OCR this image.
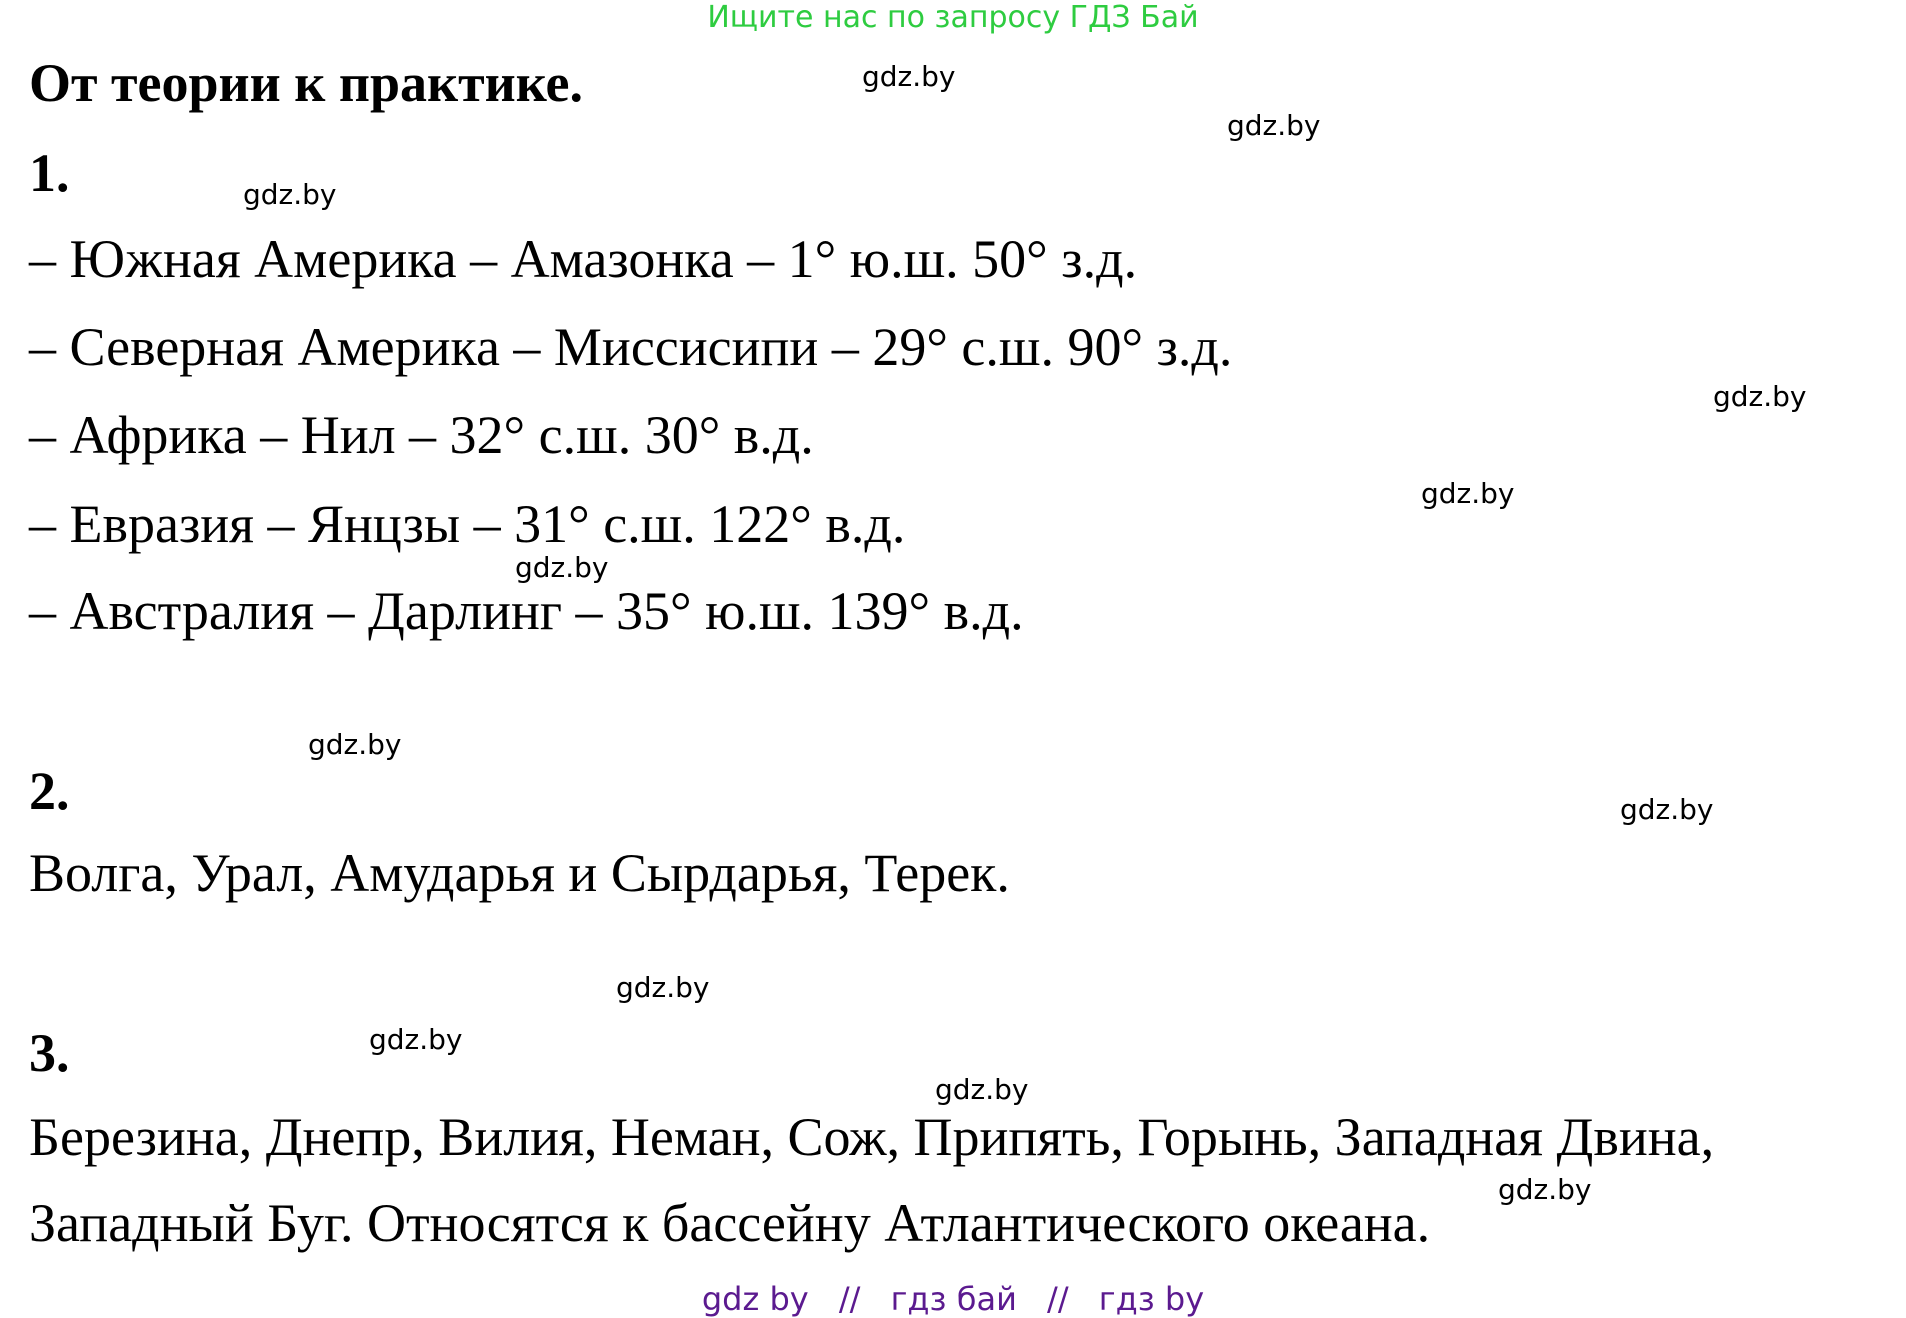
Ищите нас по запросу ГДЗ Бай
От теории к практике.
1.
– Южная Америка – Амазонка – 1° ю.ш. 50° з.д.
– Северная Америка – Миссисипи – 29° с.ш. 90° з.д.
– Африка – Нил – 32° с.ш. 30° в.д.
– Евразия – Янцзы – 31° с.ш. 122° в.д.
– Австралия – Дарлинг – 35° ю.ш. 139° в.д.
2.
Волга, Урал, Амударья и Сырдарья, Терек.
3.
Березина, Днепр, Вилия, Неман, Сож, Припять, Горынь, Западная Двина,
Западный Буг. Относятся к бассейну Атлантического океана.
gdz.by
gdz.by
gdz.by
gdz.by
gdz.by
gdz.by
gdz.by
gdz.by
gdz.by
gdz.by
gdz.by
gdz.by
gdz by // гдз бай // гдз by
